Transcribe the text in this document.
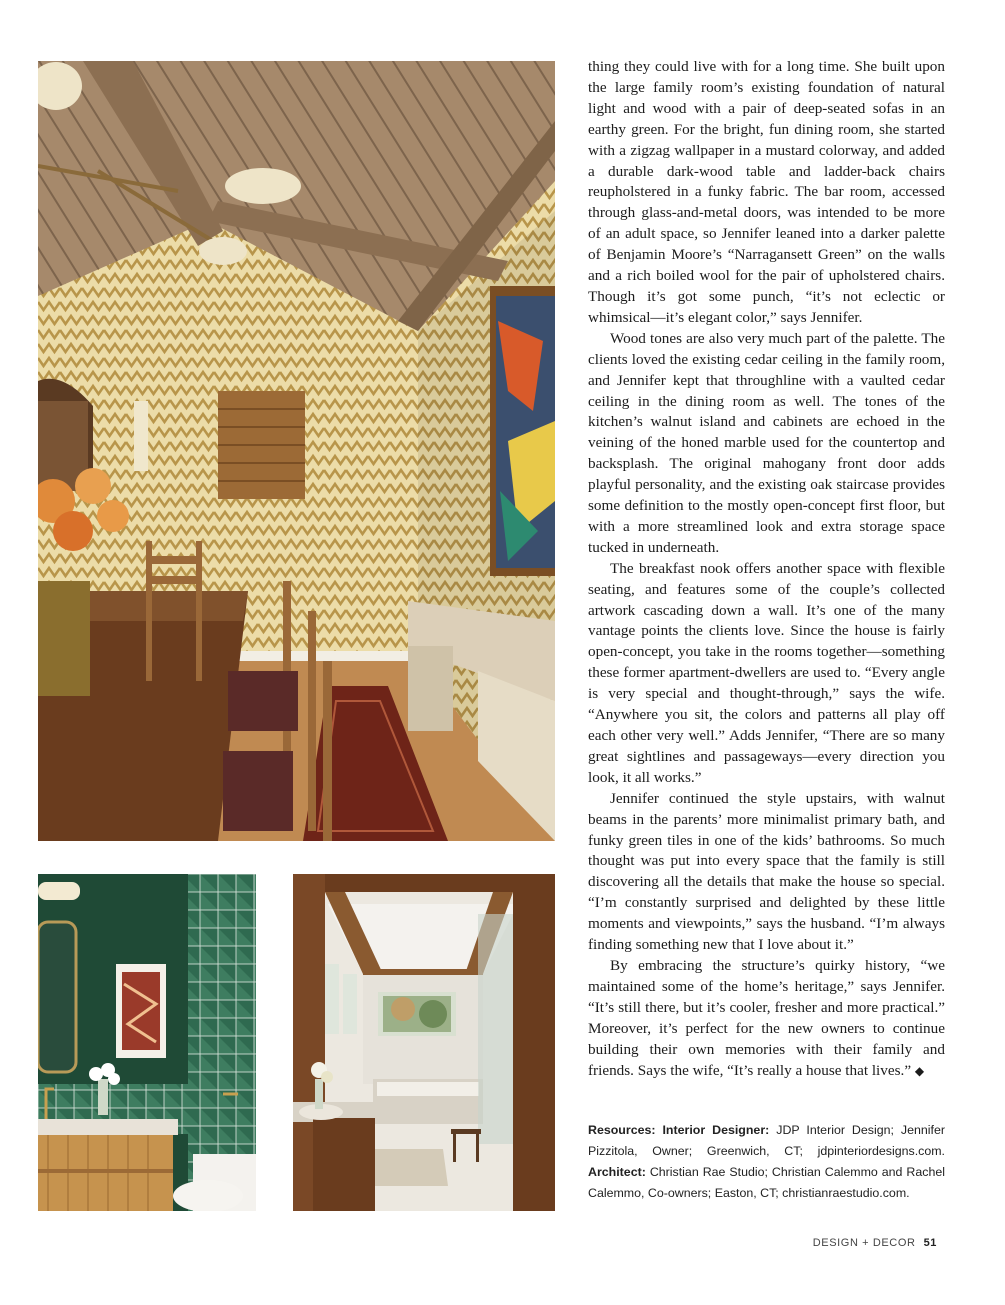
thing they could live with for a long time. She built upon the large family room’s existing foundation of natural light and wood with a pair of deep-seated sofas in an earthy green. For the bright, fun dining room, she started with a zigzag wallpaper in a mustard colorway, and added a durable dark-wood table and ladder-back chairs reupholstered in a funky fabric. The bar room, accessed through glass-and-metal doors, was intended to be more of an adult space, so Jennifer leaned into a darker palette of Benjamin Moore’s “Narragansett Green” on the walls and a rich boiled wool for the pair of upholstered chairs. Though it’s got some punch, “it’s not eclectic or whimsical—it’s elegant color,” says Jennifer.

Wood tones are also very much part of the palette. The clients loved the existing cedar ceiling in the family room, and Jennifer kept that throughline with a vaulted cedar ceiling in the dining room as well. The tones of the kitchen’s walnut island and cabinets are echoed in the veining of the honed marble used for the countertop and backsplash. The original mahogany front door adds playful personality, and the existing oak staircase provides some definition to the mostly open-concept first floor, but with a more streamlined look and extra storage space tucked in underneath.

The breakfast nook offers another space with flexible seating, and features some of the couple’s collected artwork cascading down a wall. It’s one of the many vantage points the clients love. Since the house is fairly open-concept, you take in the rooms together—something these former apartment-dwellers are used to. “Every angle is very special and thought-through,” says the wife. “Anywhere you sit, the colors and patterns all play off each other very well.” Adds Jennifer, “There are so many great sightlines and passageways—every direction you look, it all works.”

Jennifer continued the style upstairs, with walnut beams in the parents’ more minimalist primary bath, and funky green tiles in one of the kids’ bathrooms. So much thought was put into every space that the family is still discovering all the details that make the house so special. “I’m constantly surprised and delighted by these little moments and viewpoints,” says the husband. “I’m always finding something new that I love about it.”

By embracing the structure’s quirky history, “we maintained some of the home’s heritage,” says Jennifer. “It’s still there, but it’s cooler, fresher and more practical.” Moreover, it’s perfect for the new owners to continue building their own memories with their family and friends. Says the wife, “It’s really a house that lives.” ◆

Resources: Interior Designer: JDP Interior Design; Jennifer Pizzitola, Owner; Greenwich, CT; jdpinteriordesigns.com. Architect: Christian Rae Studio; Christian Calemmo and Rachel Calemmo, Co-owners; Easton, CT; christianraestudio.com.
DESIGN + DECOR 51
